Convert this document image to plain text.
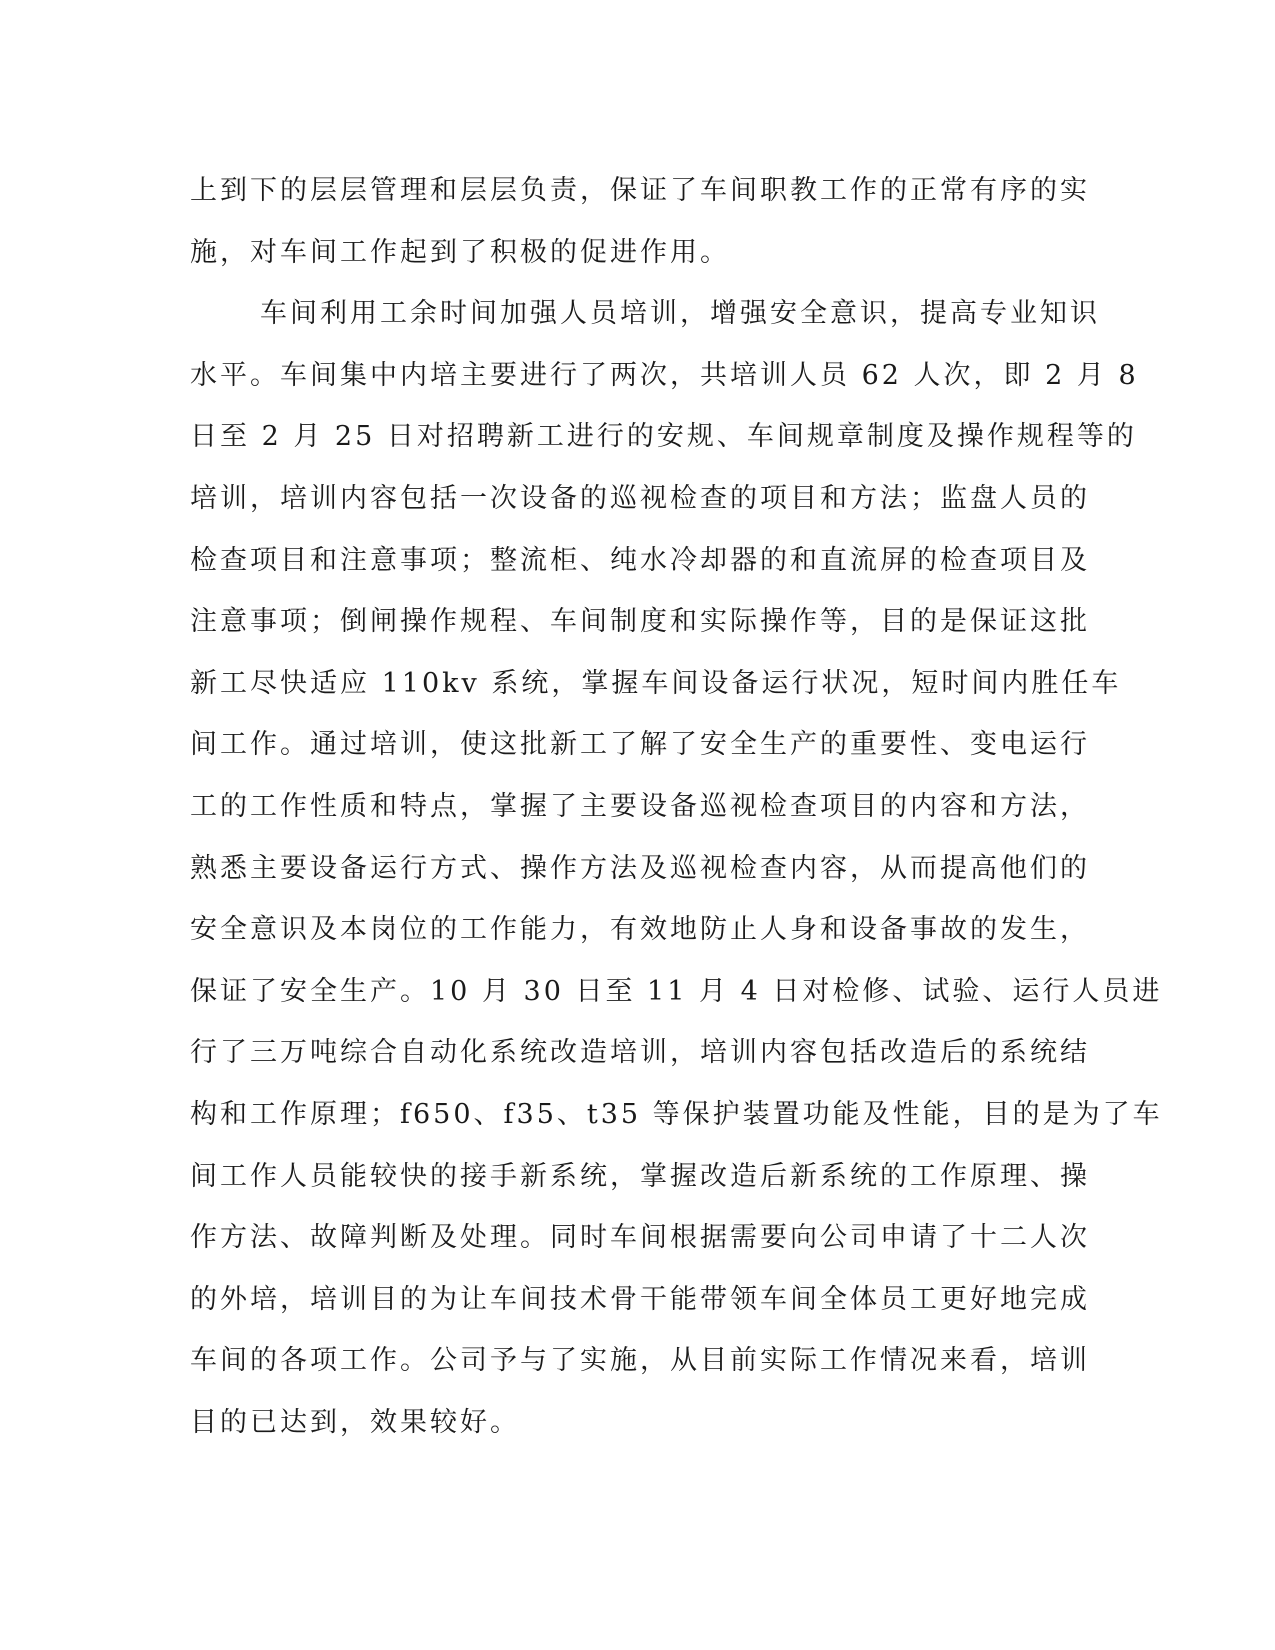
上到下的层层管理和层层负责，保证了车间职教工作的正常有序的实
施，对车间工作起到了积极的促进作用。
车间利用工余时间加强人员培训，增强安全意识，提高专业知识
水平。车间集中内培主要进行了两次，共培训人员 62 人次，即 2 月 8
日至 2 月 25 日对招聘新工进行的安规、车间规章制度及操作规程等的
培训，培训内容包括一次设备的巡视检查的项目和方法；监盘人员的
检查项目和注意事项；整流柜、纯水冷却器的和直流屏的检查项目及
注意事项；倒闸操作规程、车间制度和实际操作等，目的是保证这批
新工尽快适应 110kv 系统，掌握车间设备运行状况，短时间内胜任车
间工作。通过培训，使这批新工了解了安全生产的重要性、变电运行
工的工作性质和特点，掌握了主要设备巡视检查项目的内容和方法，
熟悉主要设备运行方式、操作方法及巡视检查内容，从而提高他们的
安全意识及本岗位的工作能力，有效地防止人身和设备事故的发生，
保证了安全生产。10 月 30 日至 11 月 4 日对检修、试验、运行人员进
行了三万吨综合自动化系统改造培训，培训内容包括改造后的系统结
构和工作原理；f650、f35、t35 等保护装置功能及性能，目的是为了车
间工作人员能较快的接手新系统，掌握改造后新系统的工作原理、操
作方法、故障判断及处理。同时车间根据需要向公司申请了十二人次
的外培，培训目的为让车间技术骨干能带领车间全体员工更好地完成
车间的各项工作。公司予与了实施，从目前实际工作情况来看，培训
目的已达到，效果较好。
